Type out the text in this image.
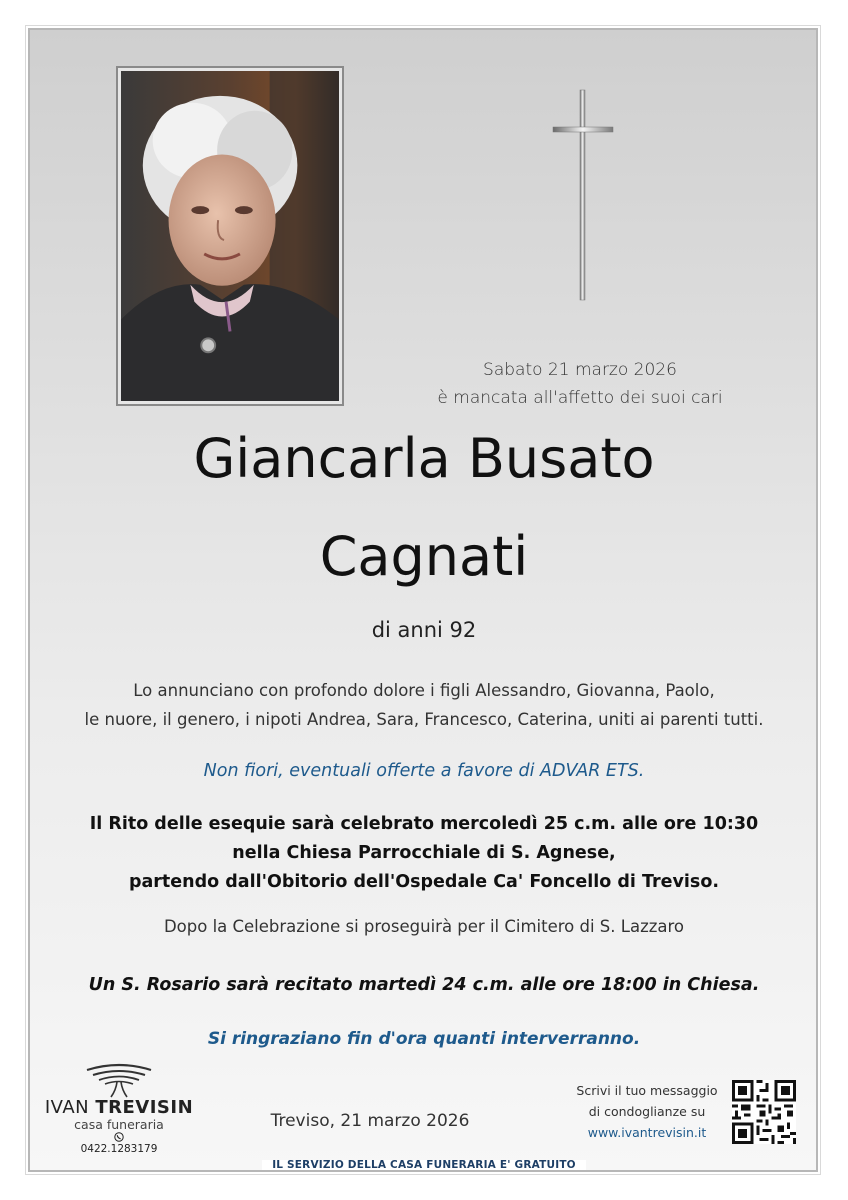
Sabato 21 marzo 2026
è mancata all'affetto dei suoi cari
Giancarla Busato
Cagnati
di anni 92
Lo annunciano con profondo dolore i figli Alessandro, Giovanna, Paolo,
le nuore, il genero, i nipoti Andrea, Sara, Francesco, Caterina, uniti ai parenti tutti.
Non fiori, eventuali offerte a favore di ADVAR ETS.
Il Rito delle esequie sarà celebrato mercoledì 25 c.m. alle ore 10:30
nella Chiesa Parrocchiale di S. Agnese,
partendo dall'Obitorio dell'Ospedale Ca' Foncello di Treviso.
Dopo la Celebrazione si proseguirà per il Cimitero di S. Lazzaro
Un S. Rosario sarà recitato martedì 24 c.m. alle ore 18:00 in Chiesa.
Si ringraziano fin d'ora quanti interverranno.
IVAN TREVISIN
casa funeraria
0422.1283179
Treviso, 21 marzo 2026
Scrivi il tuo messaggio
di condoglianze su
www.ivantrevisin.it
IL SERVIZIO DELLA CASA FUNERARIA E' GRATUITO
